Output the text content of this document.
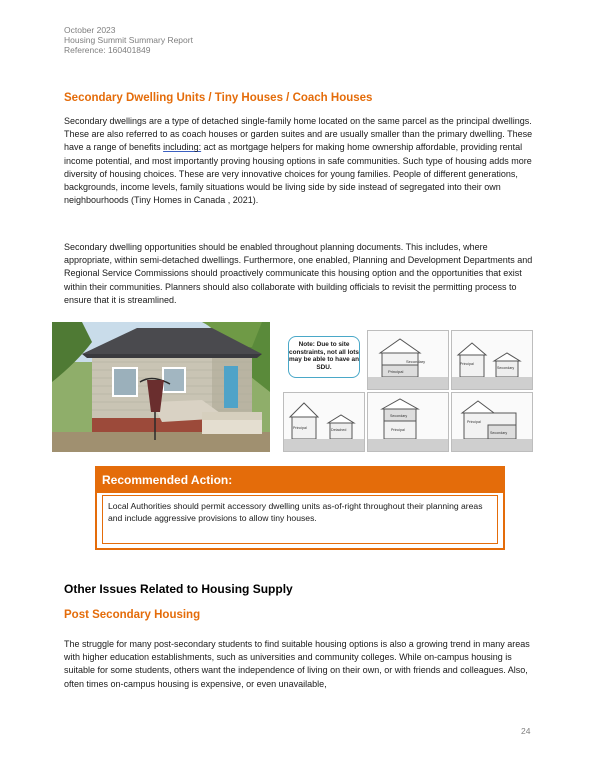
October 2023
Housing Summit Summary Report
Reference: 160401849
Secondary Dwelling Units / Tiny Houses / Coach Houses
Secondary dwellings are a type of detached single-family home located on the same parcel as the principal dwellings. These are also referred to as coach houses or garden suites and are usually smaller than the primary dwelling. These have a range of benefits including: act as mortgage helpers for making home ownership affordable, providing rental income potential, and most importantly proving housing options in safe communities. Such type of housing adds more diversity of housing choices. These are very innovative choices for young families. People of different generations, backgrounds, income levels, family situations would be living side by side instead of segregated into their own neighbourhoods (Tiny Homes in Canada , 2021).
Secondary dwelling opportunities should be enabled throughout planning documents. This includes, where appropriate, within semi-detached dwellings. Furthermore, one enabled, Planning and Development Departments and Regional Service Commissions should proactively communicate this housing option and the opportunities that exist within their communities. Planners should also collaborate with building officials to revisit the permitting process to ensure that it is streamlined.
Note: Due to site constraints, not all lots may be able to have an SDU.
Secondary
Principal
Principal
Secondary
Principal	Detached
Secondary
Principal
Principal
Secondary
Recommended Action:
Local Authorities should permit accessory dwelling units as-of-right throughout their planning areas and include aggressive provisions to allow tiny houses.
Other Issues Related to Housing Supply
Post Secondary Housing
The struggle for many post-secondary students to find suitable housing options is also a growing trend in many areas with higher education establishments, such as universities and community colleges. While on-campus housing is suitable for some students, others want the independence of living on their own, or with friends and colleagues. Also, often times on-campus housing is expensive, or even unavailable,
24
